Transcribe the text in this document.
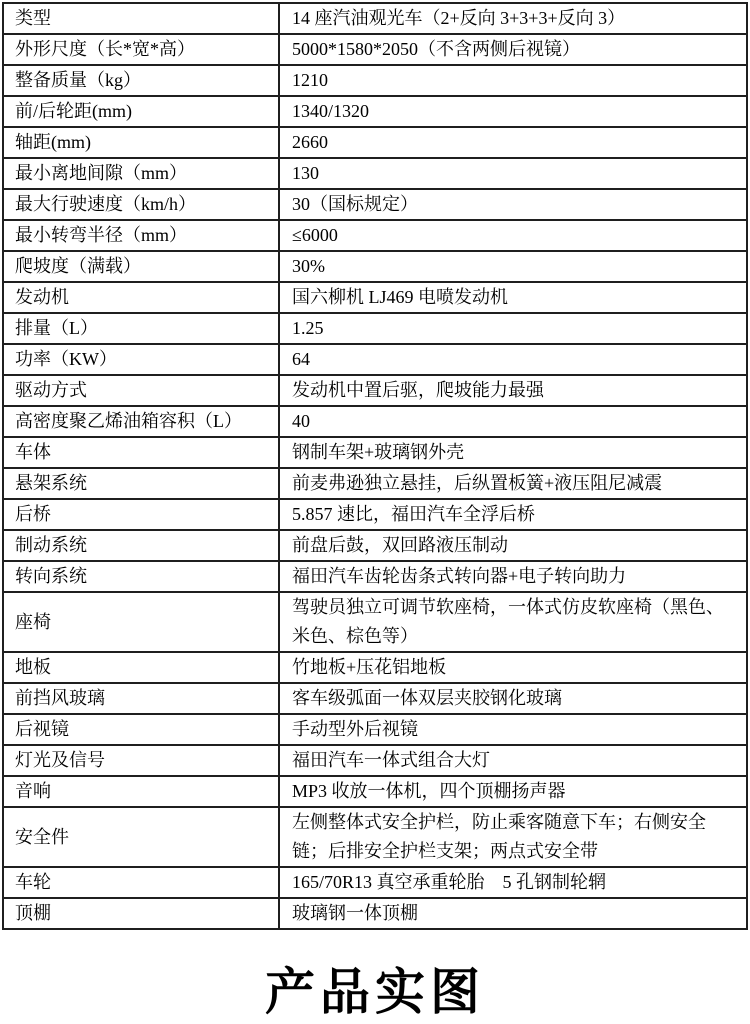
类型	14 座汽油观光车（2+反向 3+3+3+反向 3）
外形尺度（长*宽*高）	5000*1580*2050（不含两侧后视镜）
整备质量（kg）	1210
前/后轮距(mm)	1340/1320
轴距(mm)	2660
最小离地间隙（mm）	130
最大行驶速度（km/h）	30（国标规定）
最小转弯半径（mm）	≤6000
爬坡度（满载）	30%
发动机	国六柳机 LJ469 电喷发动机
排量（L）	1.25
功率（KW）	64
驱动方式	发动机中置后驱，爬坡能力最强
高密度聚乙烯油箱容积（L）	40
车体	钢制车架+玻璃钢外壳
悬架系统	前麦弗逊独立悬挂，后纵置板簧+液压阻尼减震
后桥	5.857 速比，福田汽车全浮后桥
制动系统	前盘后鼓，双回路液压制动
转向系统	福田汽车齿轮齿条式转向器+电子转向助力
座椅	驾驶员独立可调节软座椅，一体式仿皮软座椅（黑色、米色、棕色等）
地板	竹地板+压花铝地板
前挡风玻璃	客车级弧面一体双层夹胶钢化玻璃
后视镜	手动型外后视镜
灯光及信号	福田汽车一体式组合大灯
音响	MP3 收放一体机，四个顶棚扬声器
安全件	左侧整体式安全护栏，防止乘客随意下车；右侧安全链；后排安全护栏支架；两点式安全带
车轮	165/70R13 真空承重轮胎　5 孔钢制轮辋
顶棚	玻璃钢一体顶棚
产品实图
